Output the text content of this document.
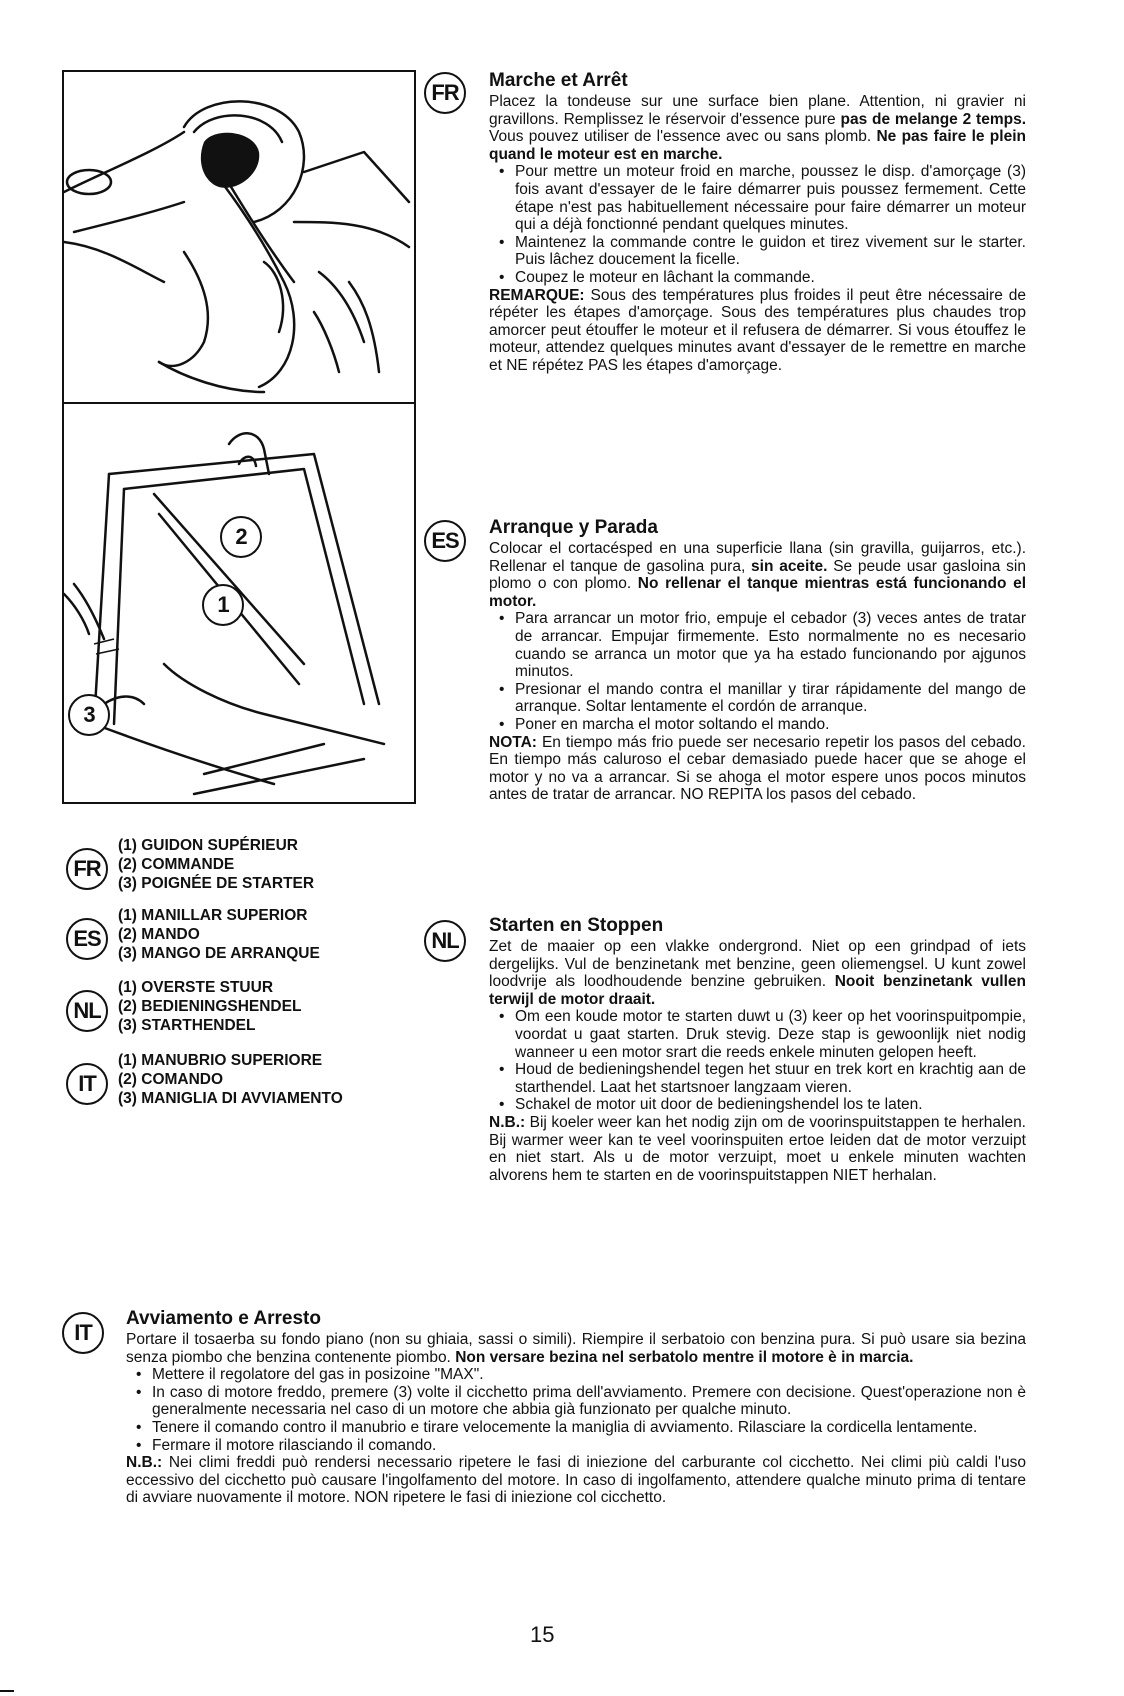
2
1
3
FR
ES
NL
IT
FR
ES
NL
IT
(1) GUIDON SUPÉRIEUR
(2) COMMANDE
(3) POIGNÉE DE STARTER
(1) MANILLAR SUPERIOR
(2) MANDO
(3) MANGO DE ARRANQUE
(1) OVERSTE STUUR
(2) BEDIENINGSHENDEL
(3) STARTHENDEL
(1) MANUBRIO SUPERIORE
(2) COMANDO
(3) MANIGLIA DI AVVIAMENTO
Marche et Arrêt

Placez la tondeuse sur une surface bien plane. Attention, ni gravier ni gravillons. Remplissez le réservoir d'essence pure pas de melange 2 temps. Vous pouvez utiliser de l'essence avec ou sans plomb. Ne pas faire le plein quand le moteur est en marche.

• Pour mettre un moteur froid en marche, poussez le disp. d'amorçage (3) fois avant d'essayer de le faire démarrer puis poussez fermement. Cette étape n'est pas habituellement nécessaire pour faire démarrer un moteur qui a déjà fonctionné pendant quelques minutes.
• Maintenez la commande contre le guidon et tirez vivement sur le starter. Puis lâchez doucement la ficelle.
• Coupez le moteur en lâchant la commande.

REMARQUE: Sous des températures plus froides il peut être nécessaire de répéter les étapes d'amorçage. Sous des températures plus chaudes trop amorcer peut étouffer le moteur et il refusera de démarrer. Si vous étouffez le moteur, attendez quelques minutes avant d'essayer de le remettre en marche et NE répétez PAS les étapes d'amorçage.

Arranque y Parada

Colocar el cortacésped en una superficie llana (sin gravilla, guijarros, etc.). Rellenar el tanque de gasolina pura, sin aceite. Se peude usar gasloina sin plomo o con plomo. No rellenar el tanque mientras está funcionando el motor.

• Para arrancar un motor frio, empuje el cebador (3) veces antes de tratar de arrancar. Empujar firmemente. Esto normalmente no es necesario cuando se arranca un motor que ya ha estado funcionando por ajgunos minutos.
• Presionar el mando contra el manillar y tirar rápidamente del mango de arranque. Soltar lentamente el cordón de arranque.
• Poner en marcha el motor soltando el mando.

NOTA: En tiempo más frio puede ser necesario repetir los pasos del cebado. En tiempo más caluroso el cebar demasiado puede hacer que se ahoge el motor y no va a arrancar. Si se ahoga el motor espere unos pocos minutos antes de tratar de arrancar. NO REPITA los pasos del cebado.

Starten en Stoppen

Zet de maaier op een vlakke ondergrond. Niet op een grindpad of iets dergelijks. Vul de benzinetank met benzine, geen oliemengsel. U kunt zowel loodvrije als loodhoudende benzine gebruiken. Nooit benzinetank vullen terwijl de motor draait.

• Om een koude motor te starten duwt u (3) keer op het voorinspuitpompie, voordat u gaat starten. Druk stevig. Deze stap is gewoonlijk niet nodig wanneer u een motor srart die reeds enkele minuten gelopen heeft.
• Houd de bedieningshendel tegen het stuur en trek kort en krachtig aan de starthendel. Laat het startsnoer langzaam vieren.
• Schakel de motor uit door de bedieningshendel los te laten.

N.B.: Bij koeler weer kan het nodig zijn om de voorinspuitstappen te herhalen. Bij warmer weer kan te veel voorinspuiten ertoe leiden dat de motor verzuipt en niet start. Als u de motor verzuipt, moet u enkele minuten wachten alvorens hem te starten en de voorinspuitstappen NIET herhalan.

Avviamento e Arresto

Portare il tosaerba su fondo piano (non su ghiaia, sassi o simili). Riempire il serbatoio con benzina pura. Si può usare sia bezina senza piombo che benzina contenente piombo. Non versare bezina nel serbatolo mentre il motore è in marcia.

• Mettere il regolatore del gas in posizoine "MAX".
• In caso di motore freddo, premere (3) volte il cicchetto prima dell'avviamento. Premere con decisione. Quest'operazione non è generalmente necessaria nel caso di un motore che abbia già funzionato per qualche minuto.
• Tenere il comando contro il manubrio e tirare velocemente la maniglia di avviamento. Rilasciare la cordicella lentamente.
• Fermare il motore rilasciando il comando.

N.B.: Nei climi freddi può rendersi necessario ripetere le fasi di iniezione del carburante col cicchetto. Nei climi più caldi l'uso eccessivo del cicchetto può causare l'ingolfamento del motore. In caso di ingolfamento, attendere qualche minuto prima di tentare di avviare nuovamente il motore. NON ripetere le fasi di iniezione col cicchetto.

15
